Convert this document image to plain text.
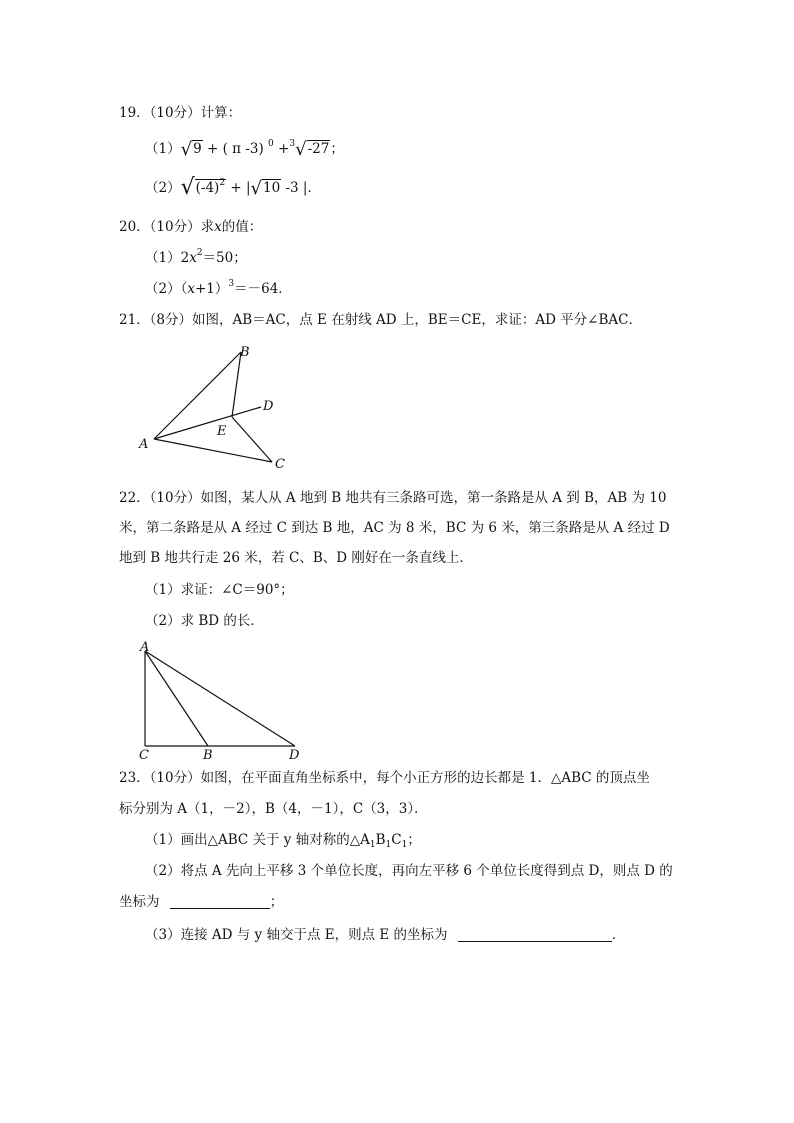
19．（10分）计算：
（1）√9 + ( π -3) $^0$ +$^3$√-27；
$(2)√(-4)^2 + |√10$ -3 |．
20．（10分）求x的值：
$(1)2x^2=50$；
$(2)(x+1)^3=-64$．
21．（8分）如图，AB＝AC，点 E 在射线 AD 上，BE＝CE，求证：AD 平分∠BAC．
A
B
C
D
E
22．（10分）如图，某人从 A 地到 B 地共有三条路可选，第一条路是从 A 到 B，AB 为 10
米，第二条路是从 A 经过 C 到达 B 地，AC 为 8 米，BC 为 6 米，第三条路是从 A 经过 D
地到 B 地共行走 26 米，若 C、B、D 刚好在一条直线上．
（1）求证：∠C＝90°；
（2）求 BD 的长．
A
C	B	D
23．（10分）如图，在平面直角坐标系中，每个小正方形的边长都是 1．△ABC 的顶点坐
标分别为 A（1，－2），B（4，－1），C（3，3）．
（1）画出△ABC 关于 y 轴对称的$\triangle A_1B_1C_1$；
（2）将点 A 先向上平移 3 个单位长度，再向左平移 6 个单位长度得到点 D，则点 D 的
坐标为	；
（3）连接 AD 与 y 轴交于点 E，则点 E 的坐标为	．
